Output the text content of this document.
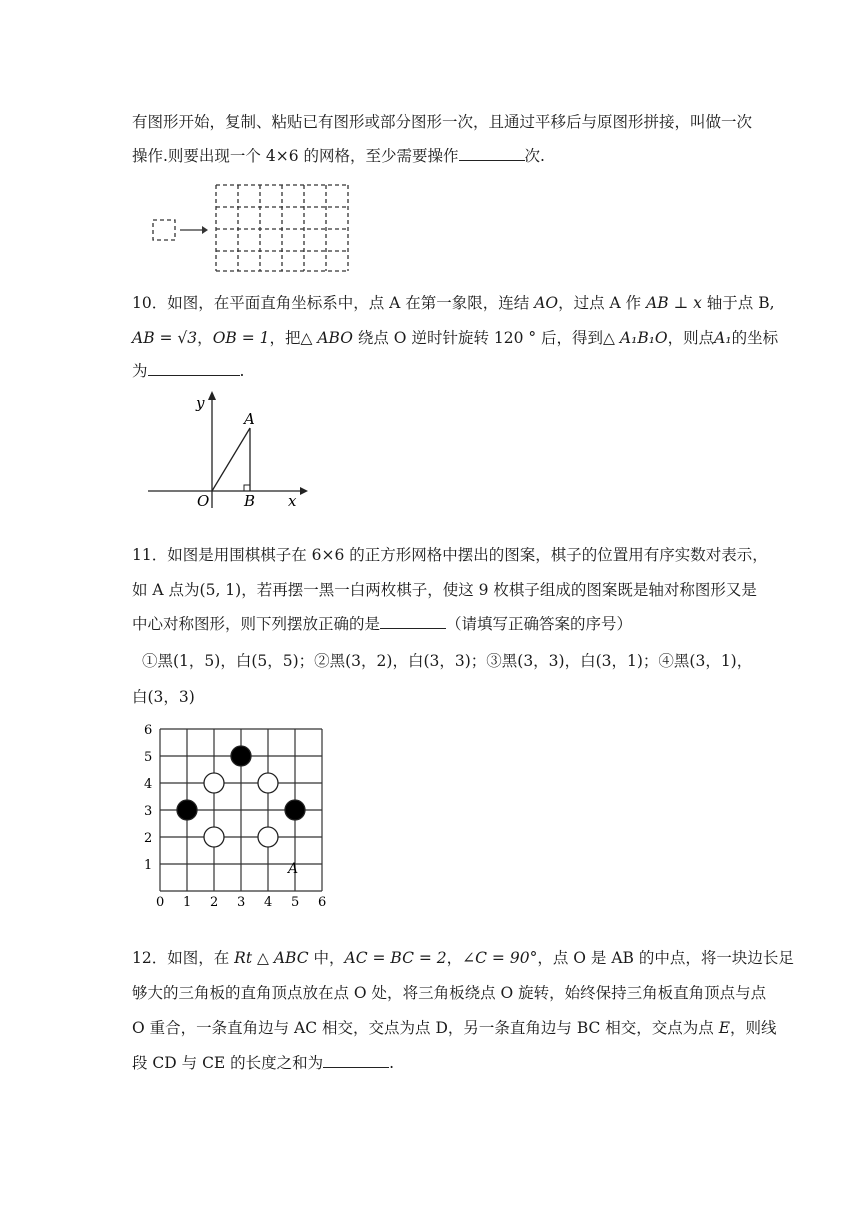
有图形开始，复制、粘贴已有图形或部分图形一次，且通过平移后与原图形拼接，叫做一次
操作.则要出现一个 4×6 的网格，至少需要操作	次.
10．如图，在平面直角坐标系中，点 A 在第一象限，连结 AO，过点 A 作 AB ⊥ x 轴于点 B,
AB = √3，OB = 1，把△ ABO 绕点 O 逆时针旋转 120 ° 后，得到△ A₁B₁O，则点A₁的坐标
为	.
y
A
O B x
11．如图是用围棋棋子在 6×6 的正方形网格中摆出的图案，棋子的位置用有序实数对表示，
如 A 点为(5, 1)，若再摆一黑一白两枚棋子，使这 9 枚棋子组成的图案既是轴对称图形又是
中心对称图形，则下列摆放正确的是	（请填写正确答案的序号）
①黑(1，5)，白(5，5)；②黑(3，2)，白(3，3)；③黑(3，3)，白(3，1)；④黑(3，1)，
白(3，3)
0 1 2 3 4 5 6
1
2
3
4
5
6
A
12．如图，在 Rt △ ABC 中，AC = BC = 2，∠C = 90°，点 O 是 AB 的中点，将一块边长足
够大的三角板的直角顶点放在点 O 处，将三角板绕点 O 旋转，始终保持三角板直角顶点与点
O 重合，一条直角边与 AC 相交，交点为点 D，另一条直角边与 BC 相交，交点为点 E，则线
段 CD 与 CE 的长度之和为	.
